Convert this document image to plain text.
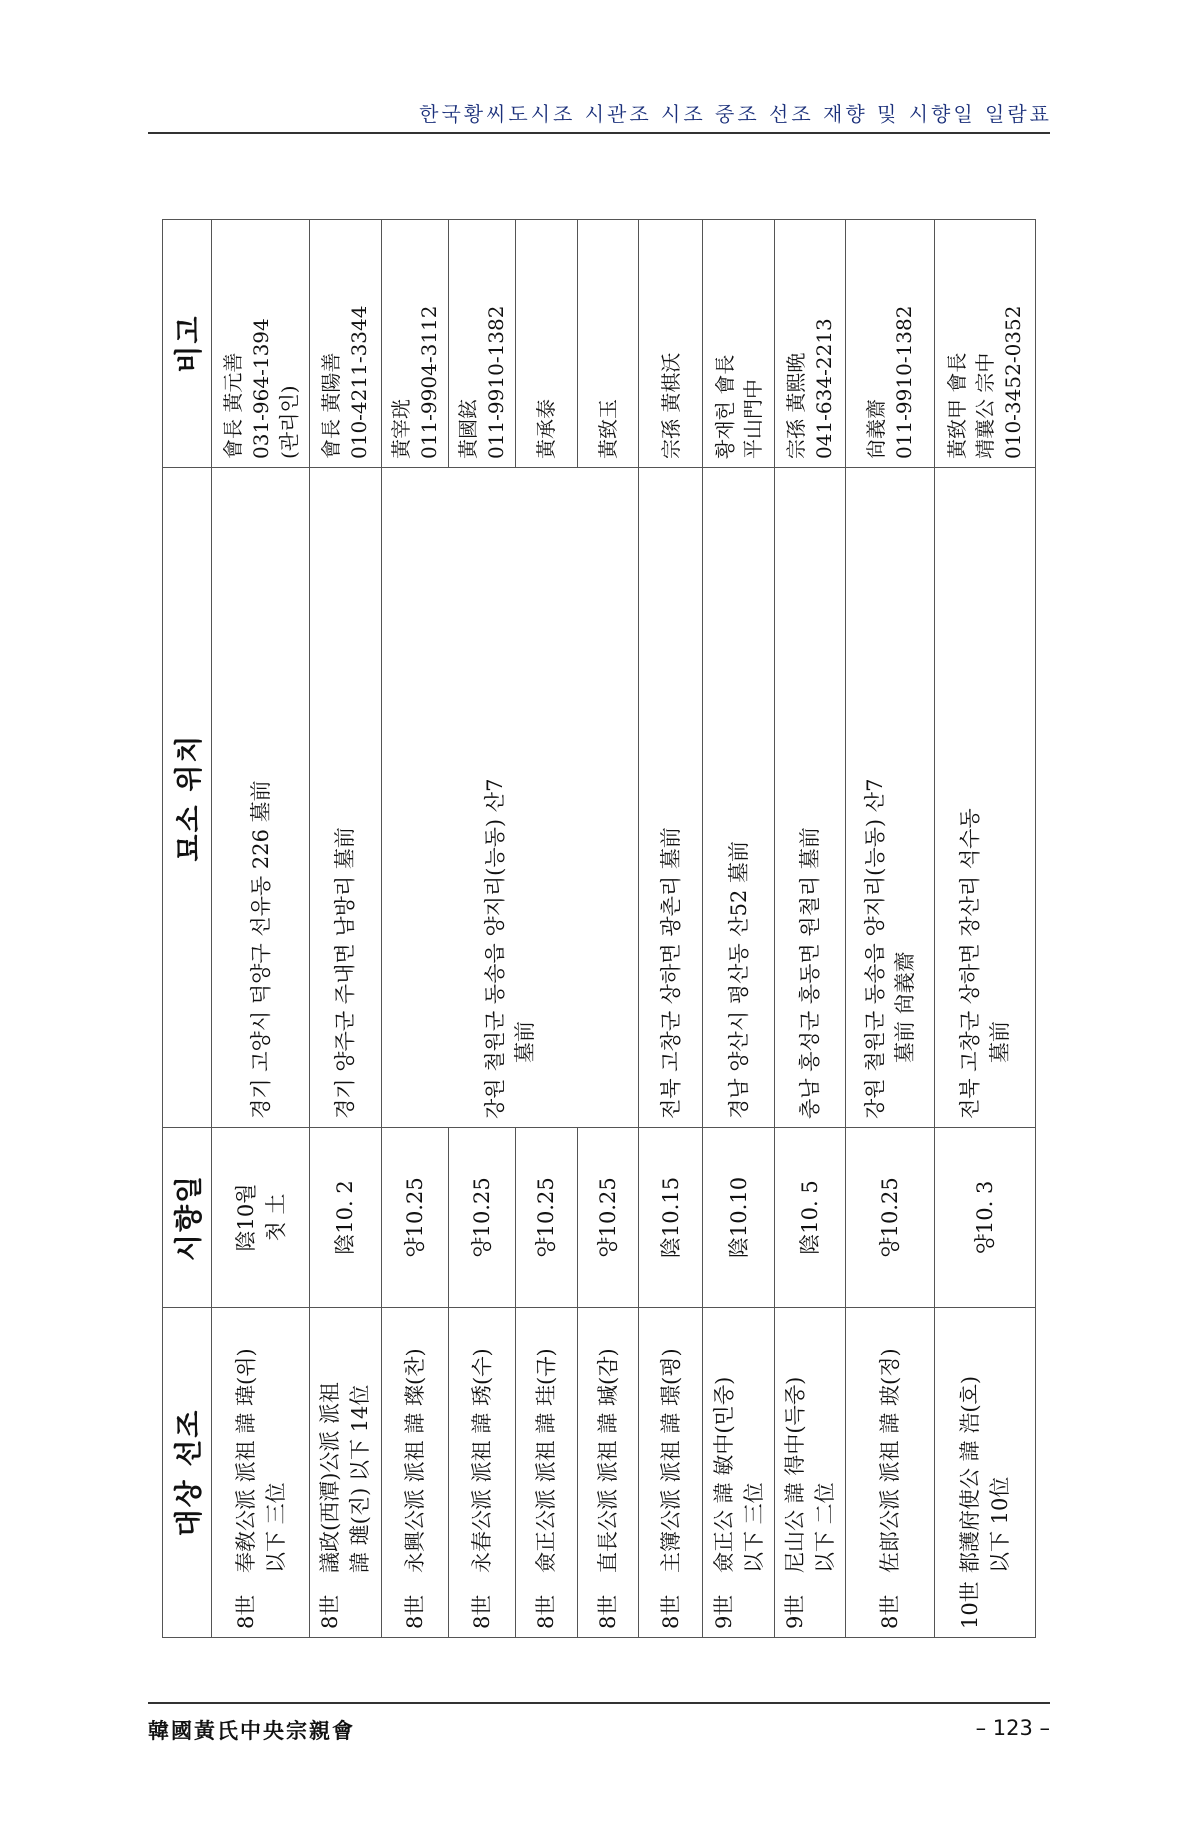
한국황씨도시조 시관조 시조 중조 선조 재향 및 시향일 일람표
대상 선조	시향일	묘소 위치	비고
8世奉敎公派 派祖 諱 瑋(위) 以下 三位	陰10월 첫 土	경기 고양시 덕양구 선유동 226 墓前	會長 黃元善 031-964-1394 (관리인)

8世議政(西潭)公派 派祖 諱 璡(진) 以下 14位	陰10. 2	경기 양주군 주내면 남방리 墓前	會長 黃陽善 010-4211-3344

8世永興公派 派祖 諱 璨(찬)	양10.25	강원 철원군 동송읍 양지리(능동) 산7 墓前	黃宰珖 011-9904-3112

8世永春公派 派祖 諱 琇(수)	양10.25		黃國鉉 011-9910-1382

8世僉正公派 派祖 諱 珪(규)	양10.25		黃承泰

8世直長公派 派祖 諱 瑊(감)	양10.25		黃致玉

8世主簿公派 派祖 諱 璟(평)	陰10.15	전북 고창군 상하면 광촌리 墓前	宗孫 黃棋沃

9世僉正公 諱 敏中(민중) 以下 三位	陰10.10	경남 양산시 평산동 산52 墓前	황재헌 會長 平山門中

9世尼山公 諱 得中(득중) 以下 二位	陰10. 5	충남 홍성군 홍동면 원철리 墓前	宗孫 黃熙晩 041-634-2213

8世佐郎公派 派祖 諱 玻(정)	양10.25	강원 철원군 동송읍 양지리(능동) 산7 墓前 尙義齋	尙義齋 011-9910-1382

10世都護府使公 諱 浩(호) 以下 10位	양10. 3	전북 고창군 상하면 장산리 석수동 墓前	黃致甲 會長 靖襄公 宗中 010-3452-0352
韓國黃氏中央宗親會	– 123 –
